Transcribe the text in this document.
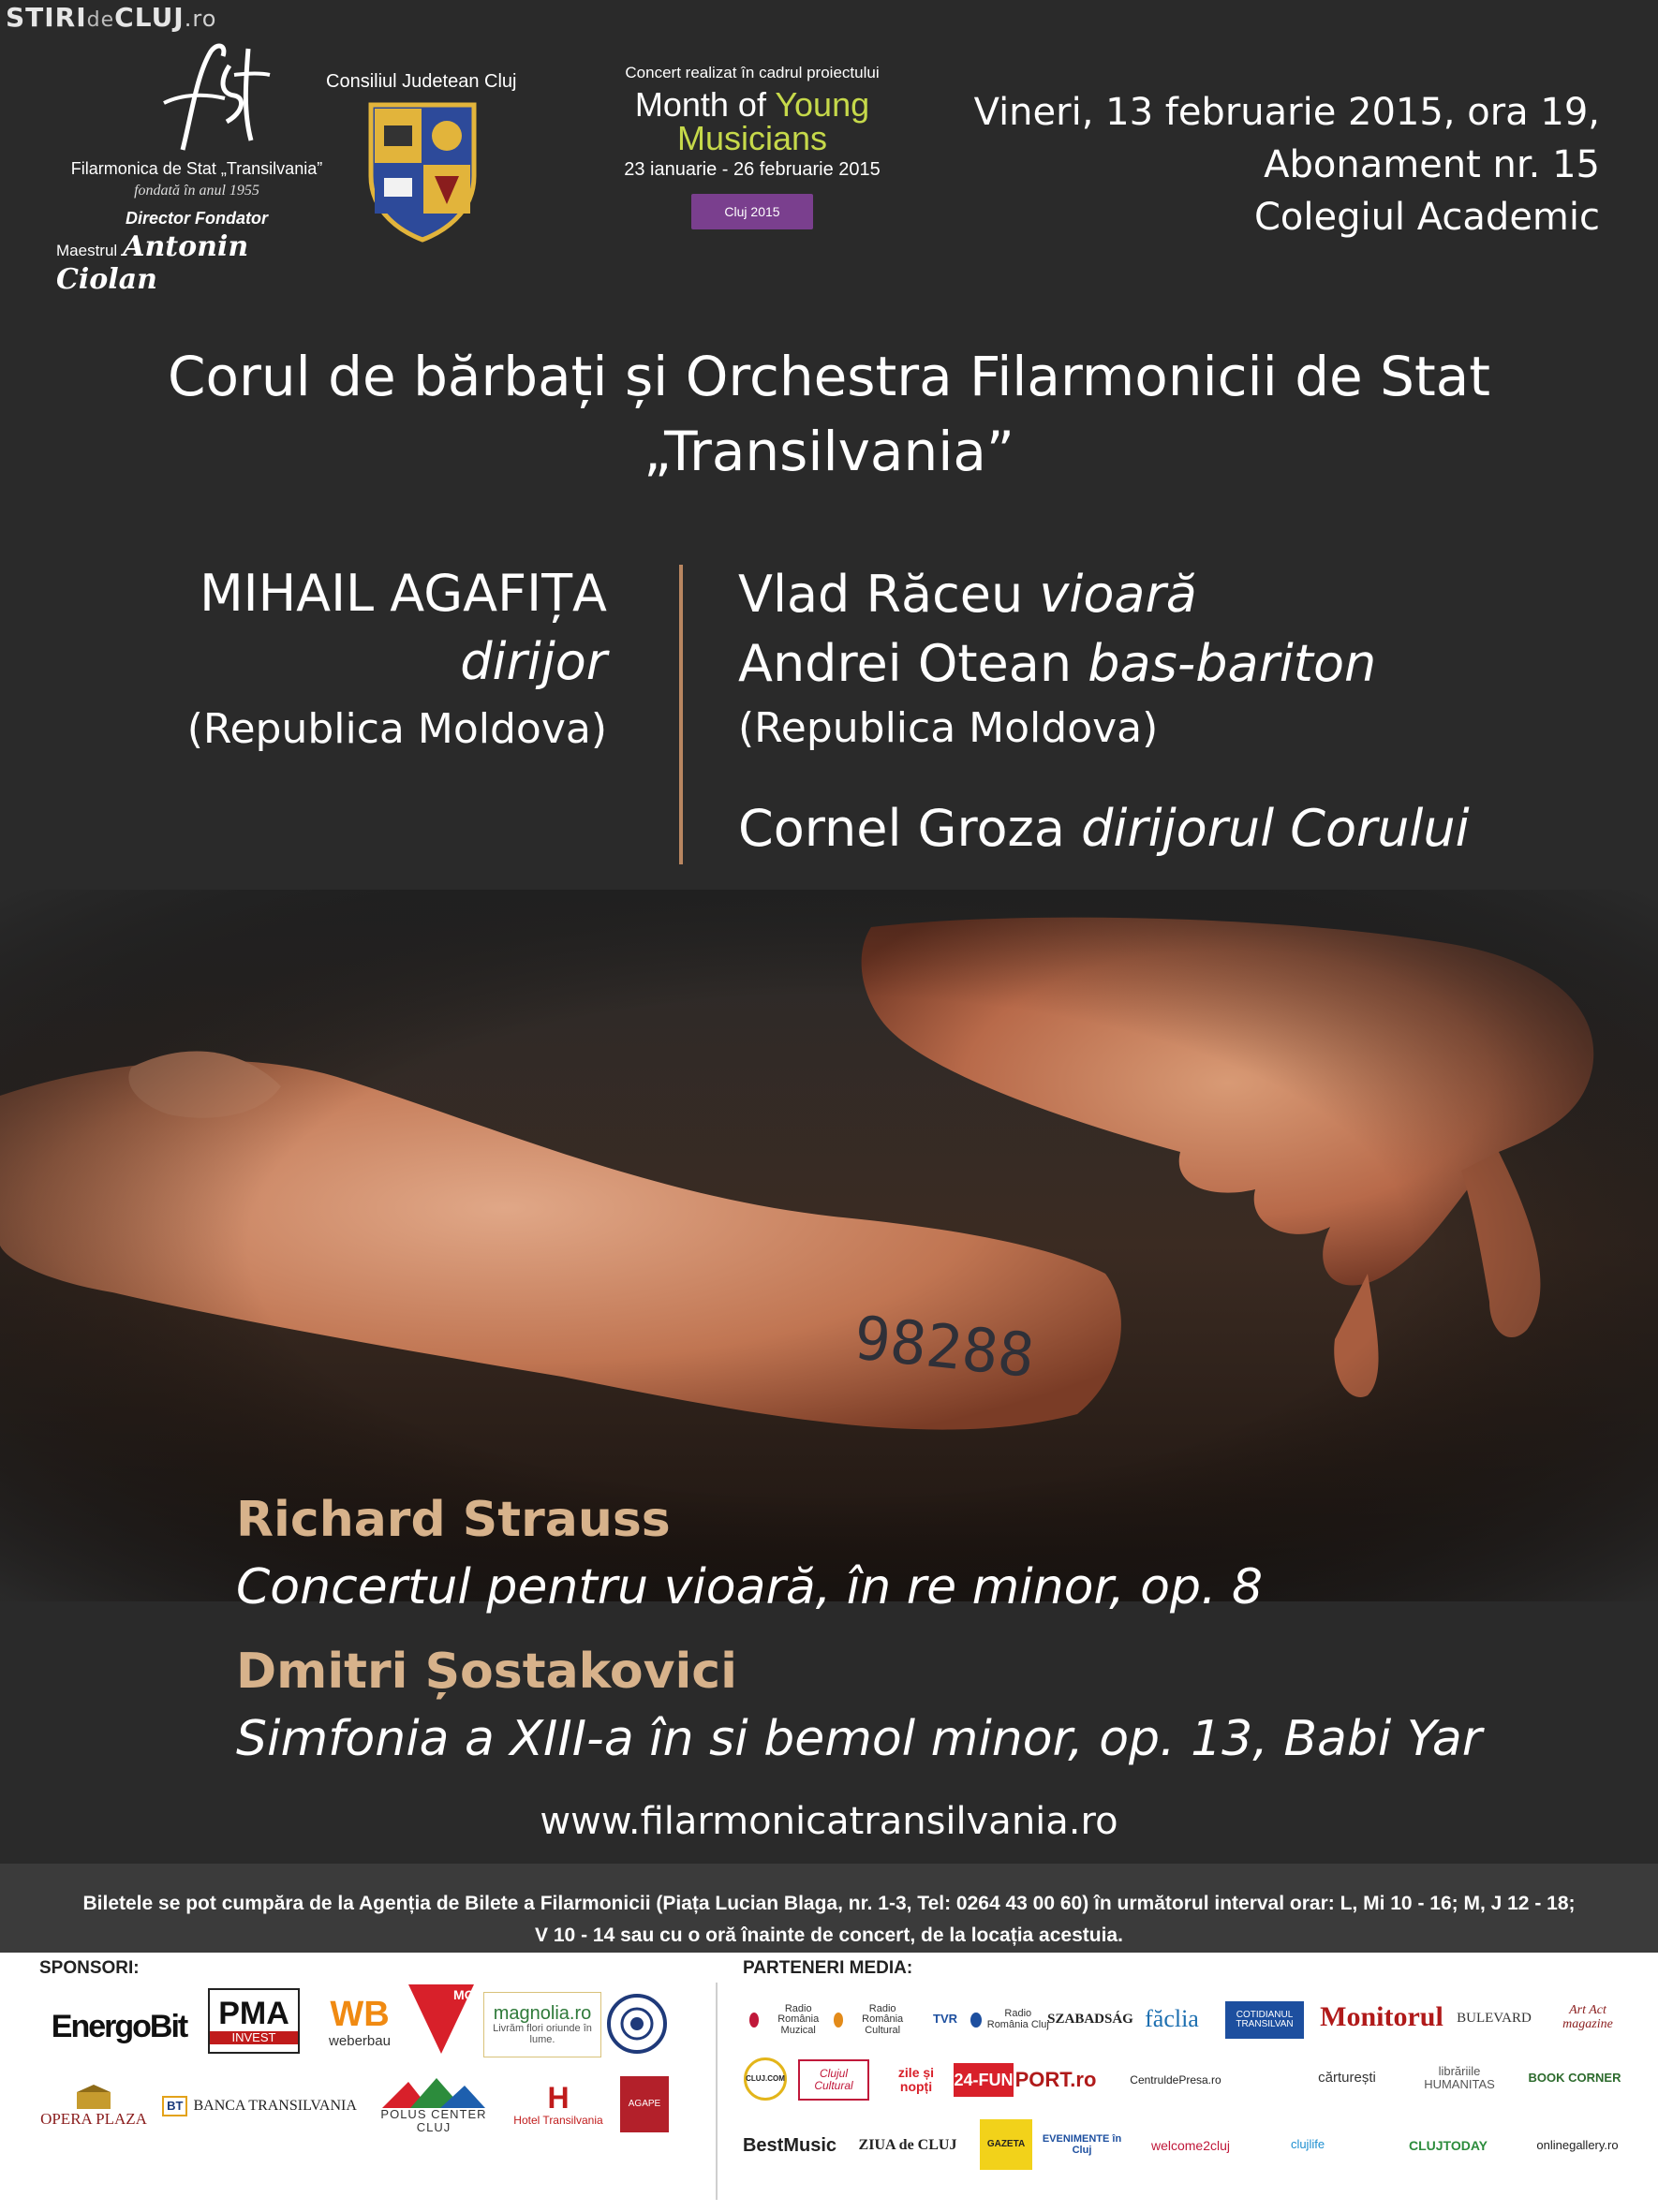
STIRIdeCLUJ.ro
Filarmonica de Stat „Transilvania”
fondată în anul 1955
Director Fondator
Maestrul Antonin Ciolan
Consiliul Judetean Cluj	Concert realizat în cadrul proiectului
Month of Young Musicians
23 ianuarie - 26 februarie 2015
Cluj 2015
Vineri, 13 februarie 2015, ora 19,
Abonament nr. 15
Colegiul Academic
Corul de bărbați și Orchestra Filarmonicii de Stat
„Transilvania”
MIHAIL AGAFIȚA
dirijor
(Republica Moldova)
Vlad Răceu vioară
Andrei Otean bas-bariton
(Republica Moldova)
Cornel Groza dirijorul Corului
Richard Strauss
Concertul pentru vioară, în re minor, op. 8
Dmitri Șostakovici
Simfonia a XIII-a în si bemol minor, op. 13, Babi Yar
www.filarmonicatransilvania.ro
Biletele se pot cumpăra de la Agenția de Bilete a Filarmonicii (Piața Lucian Blaga, nr. 1-3, Tel: 0264 43 00 60) în următorul interval orar: L, Mi 10 - 16; M, J 12 - 18; V 10 - 14 sau cu o oră înainte de concert, de la locația acestuia.
SPONSORI:	PARTENERI MEDIA:
EnergoBit PMA
INVEST
WB
weberbau
MOL
magnolia.ro
Livrăm flori oriunde în lume.
OPERA PLAZA
BT BANCA TRANSILVANIA
POLUS CENTER CLUJ
H
Hotel Transilvania
AGAPE
Radio România Muzical
Radio România Cultural
TVR	Radio România Cluj
SZABADSÁG făclia	COTIDIANUL TRANSILVAN Monitorul BULEVARD
Art Act magazine
CLUJ.COM	Clujul Cultural
zile și nopți	24-FUN PORT.ro	CentruldePresa.ro	cărturești	librăriile HUMANITAS	BOOK CORNER
BestMusic ZIUA de CLUJ	GAZETA	EVENIMENTE în Cluj	welcome2cluj	clujlife	CLUJTODAY	onlinegallery.ro
